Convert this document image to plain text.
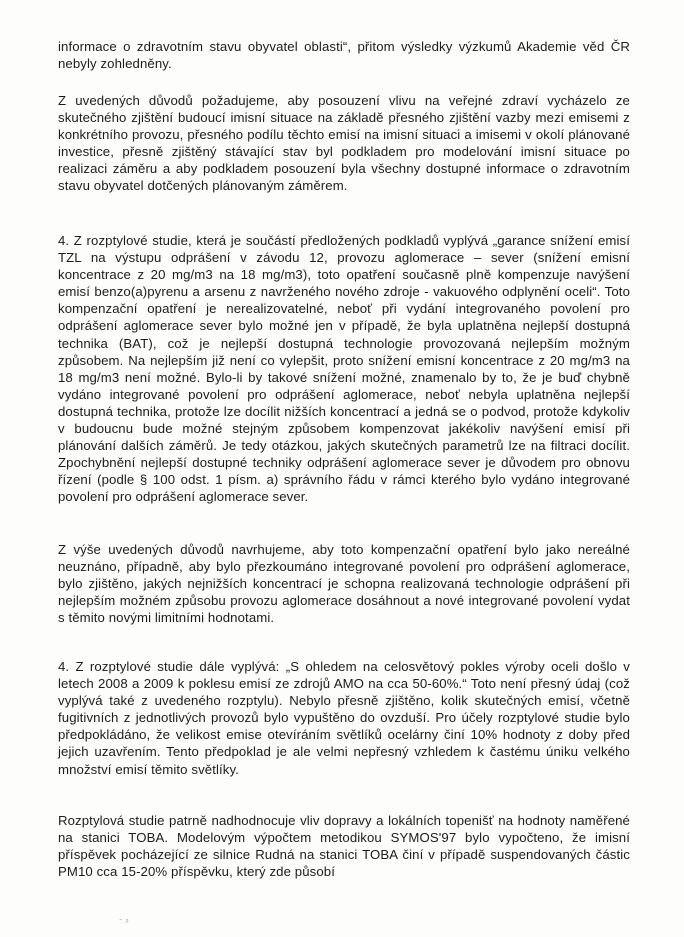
informace o zdravotním stavu obyvatel oblasti“, přitom výsledky výzkumů Akademie věd ČR nebyly zohledněny.

Z uvedených důvodů požadujeme, aby posouzení vlivu na veřejné zdraví vycházelo ze skutečného zjištění budoucí imisní situace na základě přesného zjištění vazby mezi emisemi z konkrétního provozu, přesného podílu těchto emisí na imisní situaci a imisemi v okolí plánované investice, přesně zjištěný stávající stav byl podkladem pro modelování imisní situace po realizaci záměru a aby podkladem posouzení byla všechny dostupné informace o zdravotním stavu obyvatel dotčených plánovaným záměrem.

4. Z rozptylové studie, která je součástí předložených podkladů vyplývá „garance snížení emisí TZL na výstupu odprášení v závodu 12, provozu aglomerace – sever (snížení emisní koncentrace z 20 mg/m3 na 18 mg/m3), toto opatření současně plně kompenzuje navýšení emisí benzo(a)pyrenu a arsenu z navrženého nového zdroje - vakuového odplynění oceli“. Toto kompenzační opatření je nerealizovatelné, neboť při vydání integrovaného povolení pro odprášení aglomerace sever bylo možné jen v případě, že byla uplatněna nejlepší dostupná technika (BAT), což je nejlepší dostupná technologie provozovaná nejlepším možným způsobem. Na nejlepším již není co vylepšit, proto snížení emisní koncentrace z 20 mg/m3 na 18 mg/m3 není možné. Bylo-li by takové snížení možné, znamenalo by to, že je buď chybně vydáno integrované povolení pro odprášení aglomerace, neboť nebyla uplatněna nejlepší dostupná technika, protože lze docílit nižších koncentrací a jedná se o podvod, protože kdykoliv v budoucnu bude možné stejným způsobem kompenzovat jakékoliv navýšení emisí při plánování dalších záměrů. Je tedy otázkou, jakých skutečných parametrů lze na filtraci docílit. Zpochybnění nejlepší dostupné techniky odprášení aglomerace sever je důvodem pro obnovu řízení (podle § 100 odst. 1 písm. a) správního řádu v rámci kterého bylo vydáno integrované povolení pro odprášení aglomerace sever.

Z výše uvedených důvodů navrhujeme, aby toto kompenzační opatření bylo jako nereálné neuznáno, případně, aby bylo přezkoumáno integrované povolení pro odprášení aglomerace, bylo zjištěno, jakých nejnižších koncentrací je schopna realizovaná technologie odprášení při nejlepším možném způsobu provozu aglomerace dosáhnout a nové integrované povolení vydat s těmito novými limitními hodnotami.

4. Z rozptylové studie dále vyplývá: „S ohledem na celosvětový pokles výroby oceli došlo v letech 2008 a 2009 k poklesu emisí ze zdrojů AMO na cca 50-60%.“ Toto není přesný údaj (což vyplývá také z uvedeného rozptylu). Nebylo přesně zjištěno, kolik skutečných emisí, včetně fugitivních z jednotlivých provozů bylo vypuštěno do ovzduší. Pro účely rozptylové studie bylo předpokládáno, že velikost emise otevíráním světlíků ocelárny činí 10% hodnoty z doby před jejich uzavřením. Tento předpoklad je ale velmi nepřesný vzhledem k častému úniku velkého množství emisí těmito světlíky.

Rozptylová studie patrně nadhodnocuje vliv dopravy a lokálních topenišť na hodnoty naměřené na stanici TOBA. Modelovým výpočtem metodikou SYMOS'97 bylo vypočteno, že imisní příspěvek pocházející ze silnice Rudná na stanici TOBA činí v případě suspendovaných částic PM10 cca 15-20% příspěvku, který zde působí

˙ ˀ
